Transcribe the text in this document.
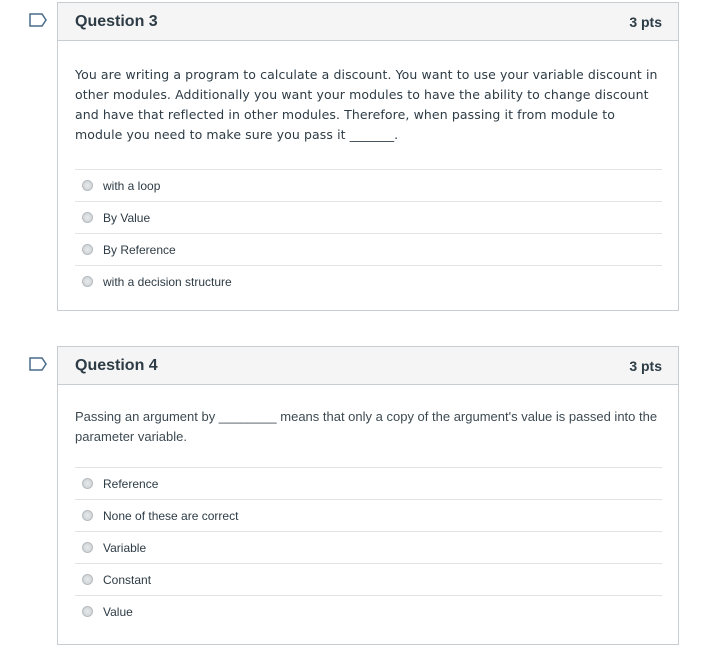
Question 3	3 pts
You are writing a program to calculate a discount. You want to use your variable discount in other modules. Additionally you want your modules to have the ability to change discount and have that reflected in other modules. Therefore, when passing it from module to module you need to make sure you pass it _______.
with a loop
By Value
By Reference
with a decision structure
Question 4	3 pts
Passing an argument by ________ means that only a copy of the argument's value is passed into the parameter variable.
Reference
None of these are correct
Variable
Constant
Value
